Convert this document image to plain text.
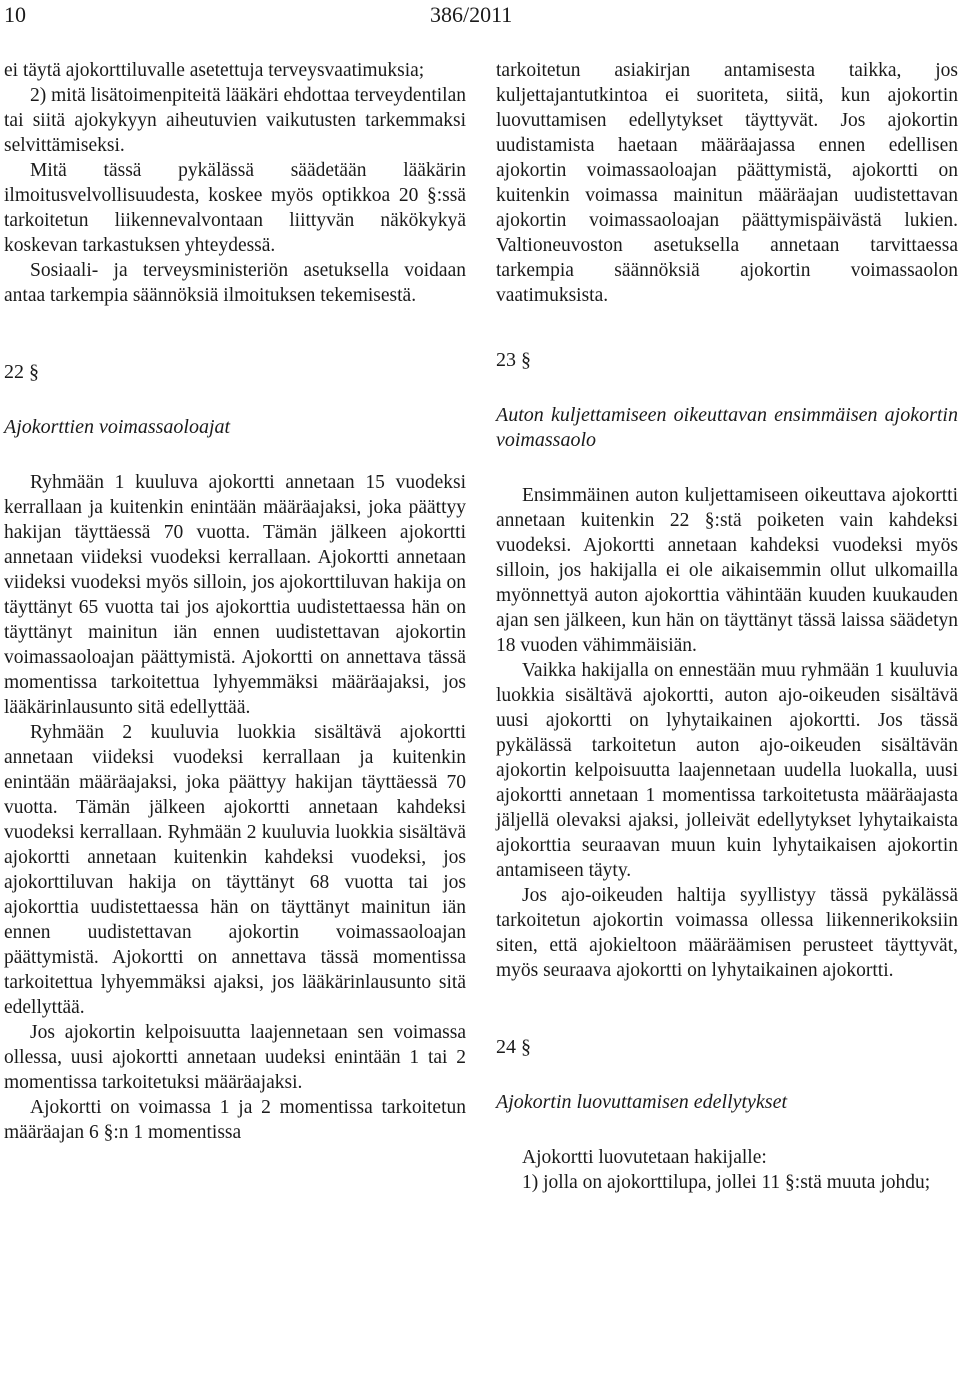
10	386/2011

ei täytä ajokorttiluvalle asetettuja terveysvaatimuksia;

2) mitä lisätoimenpiteitä lääkäri ehdottaa terveydentilan tai siitä ajokykyyn aiheutuvien vaikutusten tarkemmaksi selvittämiseksi.

Mitä tässä pykälässä säädetään lääkärin ilmoitusvelvollisuudesta, koskee myös optikkoa 20 §:ssä tarkoitetun liikennevalvontaan liittyvän näkökykyä koskevan tarkastuksen yhteydessä.

Sosiaali- ja terveysministeriön asetuksella voidaan antaa tarkempia säännöksiä ilmoituksen tekemisestä.

22 §

Ajokorttien voimassaoloajat

Ryhmään 1 kuuluva ajokortti annetaan 15 vuodeksi kerrallaan ja kuitenkin enintään määräajaksi, joka päättyy hakijan täyttäessä 70 vuotta. Tämän jälkeen ajokortti annetaan viideksi vuodeksi kerrallaan. Ajokortti annetaan viideksi vuodeksi myös silloin, jos ajokorttiluvan hakija on täyttänyt 65 vuotta tai jos ajokorttia uudistettaessa hän on täyttänyt mainitun iän ennen uudistettavan ajokortin voimassaoloajan päättymistä. Ajokortti on annettava tässä momentissa tarkoitettua lyhyemmäksi määräajaksi, jos lääkärinlausunto sitä edellyttää.

Ryhmään 2 kuuluvia luokkia sisältävä ajokortti annetaan viideksi vuodeksi kerrallaan ja kuitenkin enintään määräajaksi, joka päättyy hakijan täyttäessä 70 vuotta. Tämän jälkeen ajokortti annetaan kahdeksi vuodeksi kerrallaan. Ryhmään 2 kuuluvia luokkia sisältävä ajokortti annetaan kuitenkin kahdeksi vuodeksi, jos ajokorttiluvan hakija on täyttänyt 68 vuotta tai jos ajokorttia uudistettaessa hän on täyttänyt mainitun iän ennen uudistettavan ajokortin voimassaoloajan päättymistä. Ajokortti on annettava tässä momentissa tarkoitettua lyhyemmäksi ajaksi, jos lääkärinlausunto sitä edellyttää.

Jos ajokortin kelpoisuutta laajennetaan sen voimassa ollessa, uusi ajokortti annetaan uudeksi enintään 1 tai 2 momentissa tarkoitetuksi määräajaksi.

Ajokortti on voimassa 1 ja 2 momentissa tarkoitetun määräajan 6 §:n 1 momentissa

tarkoitetun asiakirjan antamisesta taikka, jos kuljettajantutkintoa ei suoriteta, siitä, kun ajokortin luovuttamisen edellytykset täyttyvät. Jos ajokortin uudistamista haetaan määräajassa ennen edellisen ajokortin voimassaoloajan päättymistä, ajokortti on kuitenkin voimassa mainitun määräajan uudistettavan ajokortin voimassaoloajan päättymispäivästä lukien. Valtioneuvoston asetuksella annetaan tarvittaessa tarkempia säännöksiä ajokortin voimassaolon vaatimuksista.

23 §

Auton kuljettamiseen oikeuttavan ensimmäisen ajokortin voimassaolo

Ensimmäinen auton kuljettamiseen oikeuttava ajokortti annetaan kuitenkin 22 §:stä poiketen vain kahdeksi vuodeksi. Ajokortti annetaan kahdeksi vuodeksi myös silloin, jos hakijalla ei ole aikaisemmin ollut ulkomailla myönnettyä auton ajokorttia vähintään kuuden kuukauden ajan sen jälkeen, kun hän on täyttänyt tässä laissa säädetyn 18 vuoden vähimmäisiän.

Vaikka hakijalla on ennestään muu ryhmään 1 kuuluvia luokkia sisältävä ajokortti, auton ajo-oikeuden sisältävä uusi ajokortti on lyhytaikainen ajokortti. Jos tässä pykälässä tarkoitetun auton ajo-oikeuden sisältävän ajokortin kelpoisuutta laajennetaan uudella luokalla, uusi ajokortti annetaan 1 momentissa tarkoitetusta määräajasta jäljellä olevaksi ajaksi, jolleivät edellytykset lyhytaikaista ajokorttia seuraavan muun kuin lyhytaikaisen ajokortin antamiseen täyty.

Jos ajo-oikeuden haltija syyllistyy tässä pykälässä tarkoitetun ajokortin voimassa ollessa liikennerikoksiin siten, että ajokieltoon määräämisen perusteet täyttyvät, myös seuraava ajokortti on lyhytaikainen ajokortti.

24 §

Ajokortin luovuttamisen edellytykset

Ajokortti luovutetaan hakijalle:

1) jolla on ajokorttilupa, jollei 11 §:stä muuta johdu;
